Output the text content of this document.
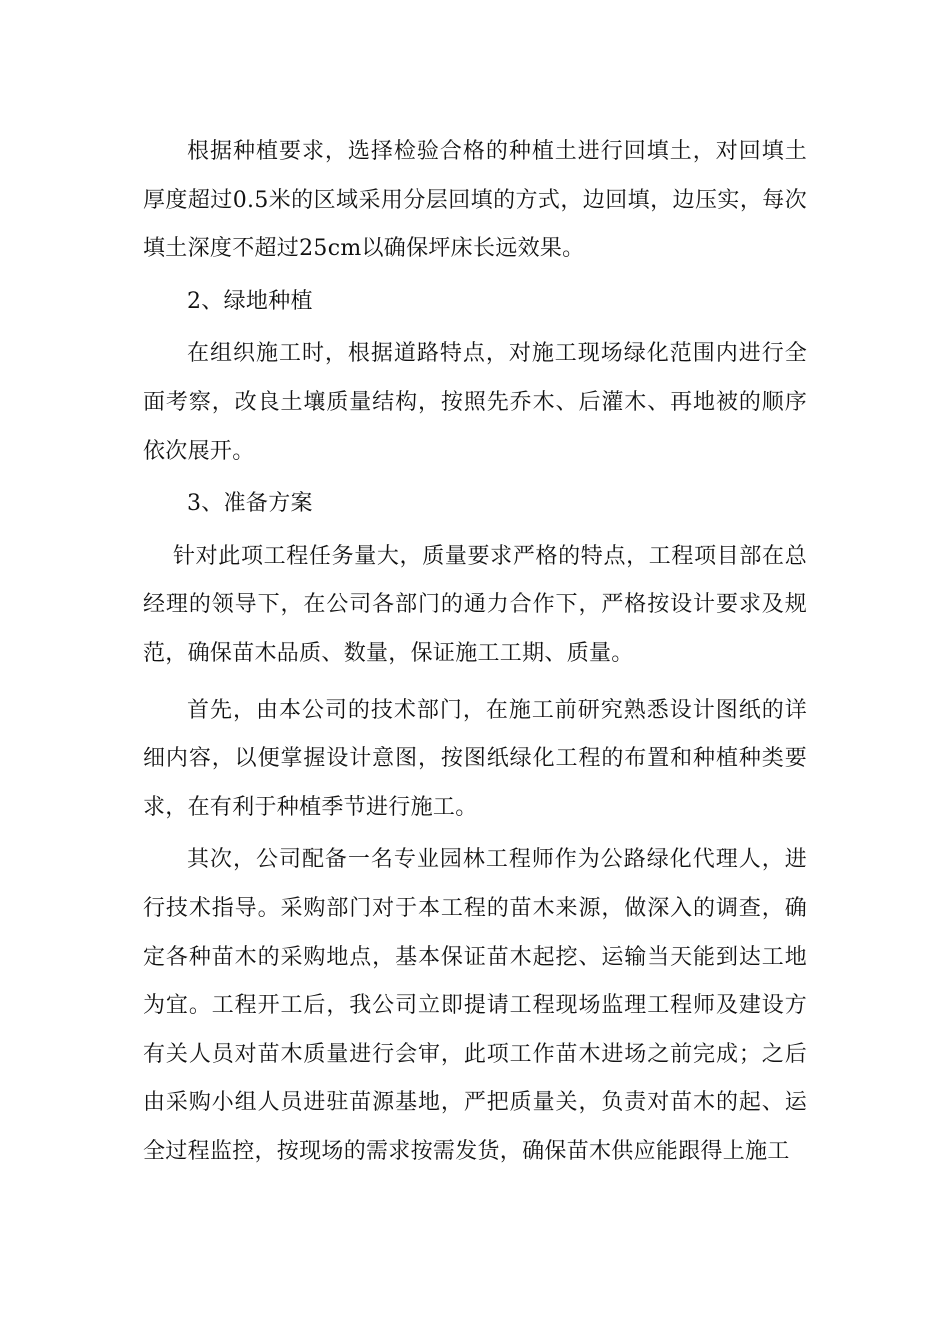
根据种植要求，选择检验合格的种植土进行回填土，对回填土厚度超过0.5米的区域采用分层回填的方式，边回填，边压实，每次填土深度不超过25cm以确保坪床长远效果。

2、绿地种植

在组织施工时，根据道路特点，对施工现场绿化范围内进行全面考察，改良土壤质量结构，按照先乔木、后灌木、再地被的顺序依次展开。

3、准备方案

针对此项工程任务量大，质量要求严格的特点，工程项目部在总经理的领导下，在公司各部门的通力合作下，严格按设计要求及规范，确保苗木品质、数量，保证施工工期、质量。

首先，由本公司的技术部门，在施工前研究熟悉设计图纸的详细内容，以便掌握设计意图，按图纸绿化工程的布置和种植种类要求，在有利于种植季节进行施工。

其次，公司配备一名专业园林工程师作为公路绿化代理人，进行技术指导。采购部门对于本工程的苗木来源，做深入的调查，确定各种苗木的采购地点，基本保证苗木起挖、运输当天能到达工地为宜。工程开工后，我公司立即提请工程现场监理工程师及建设方有关人员对苗木质量进行会审，此项工作苗木进场之前完成；之后由采购小组人员进驻苗源基地，严把质量关，负责对苗木的起、运全过程监控，按现场的需求按需发货，确保苗木供应能跟得上施工
